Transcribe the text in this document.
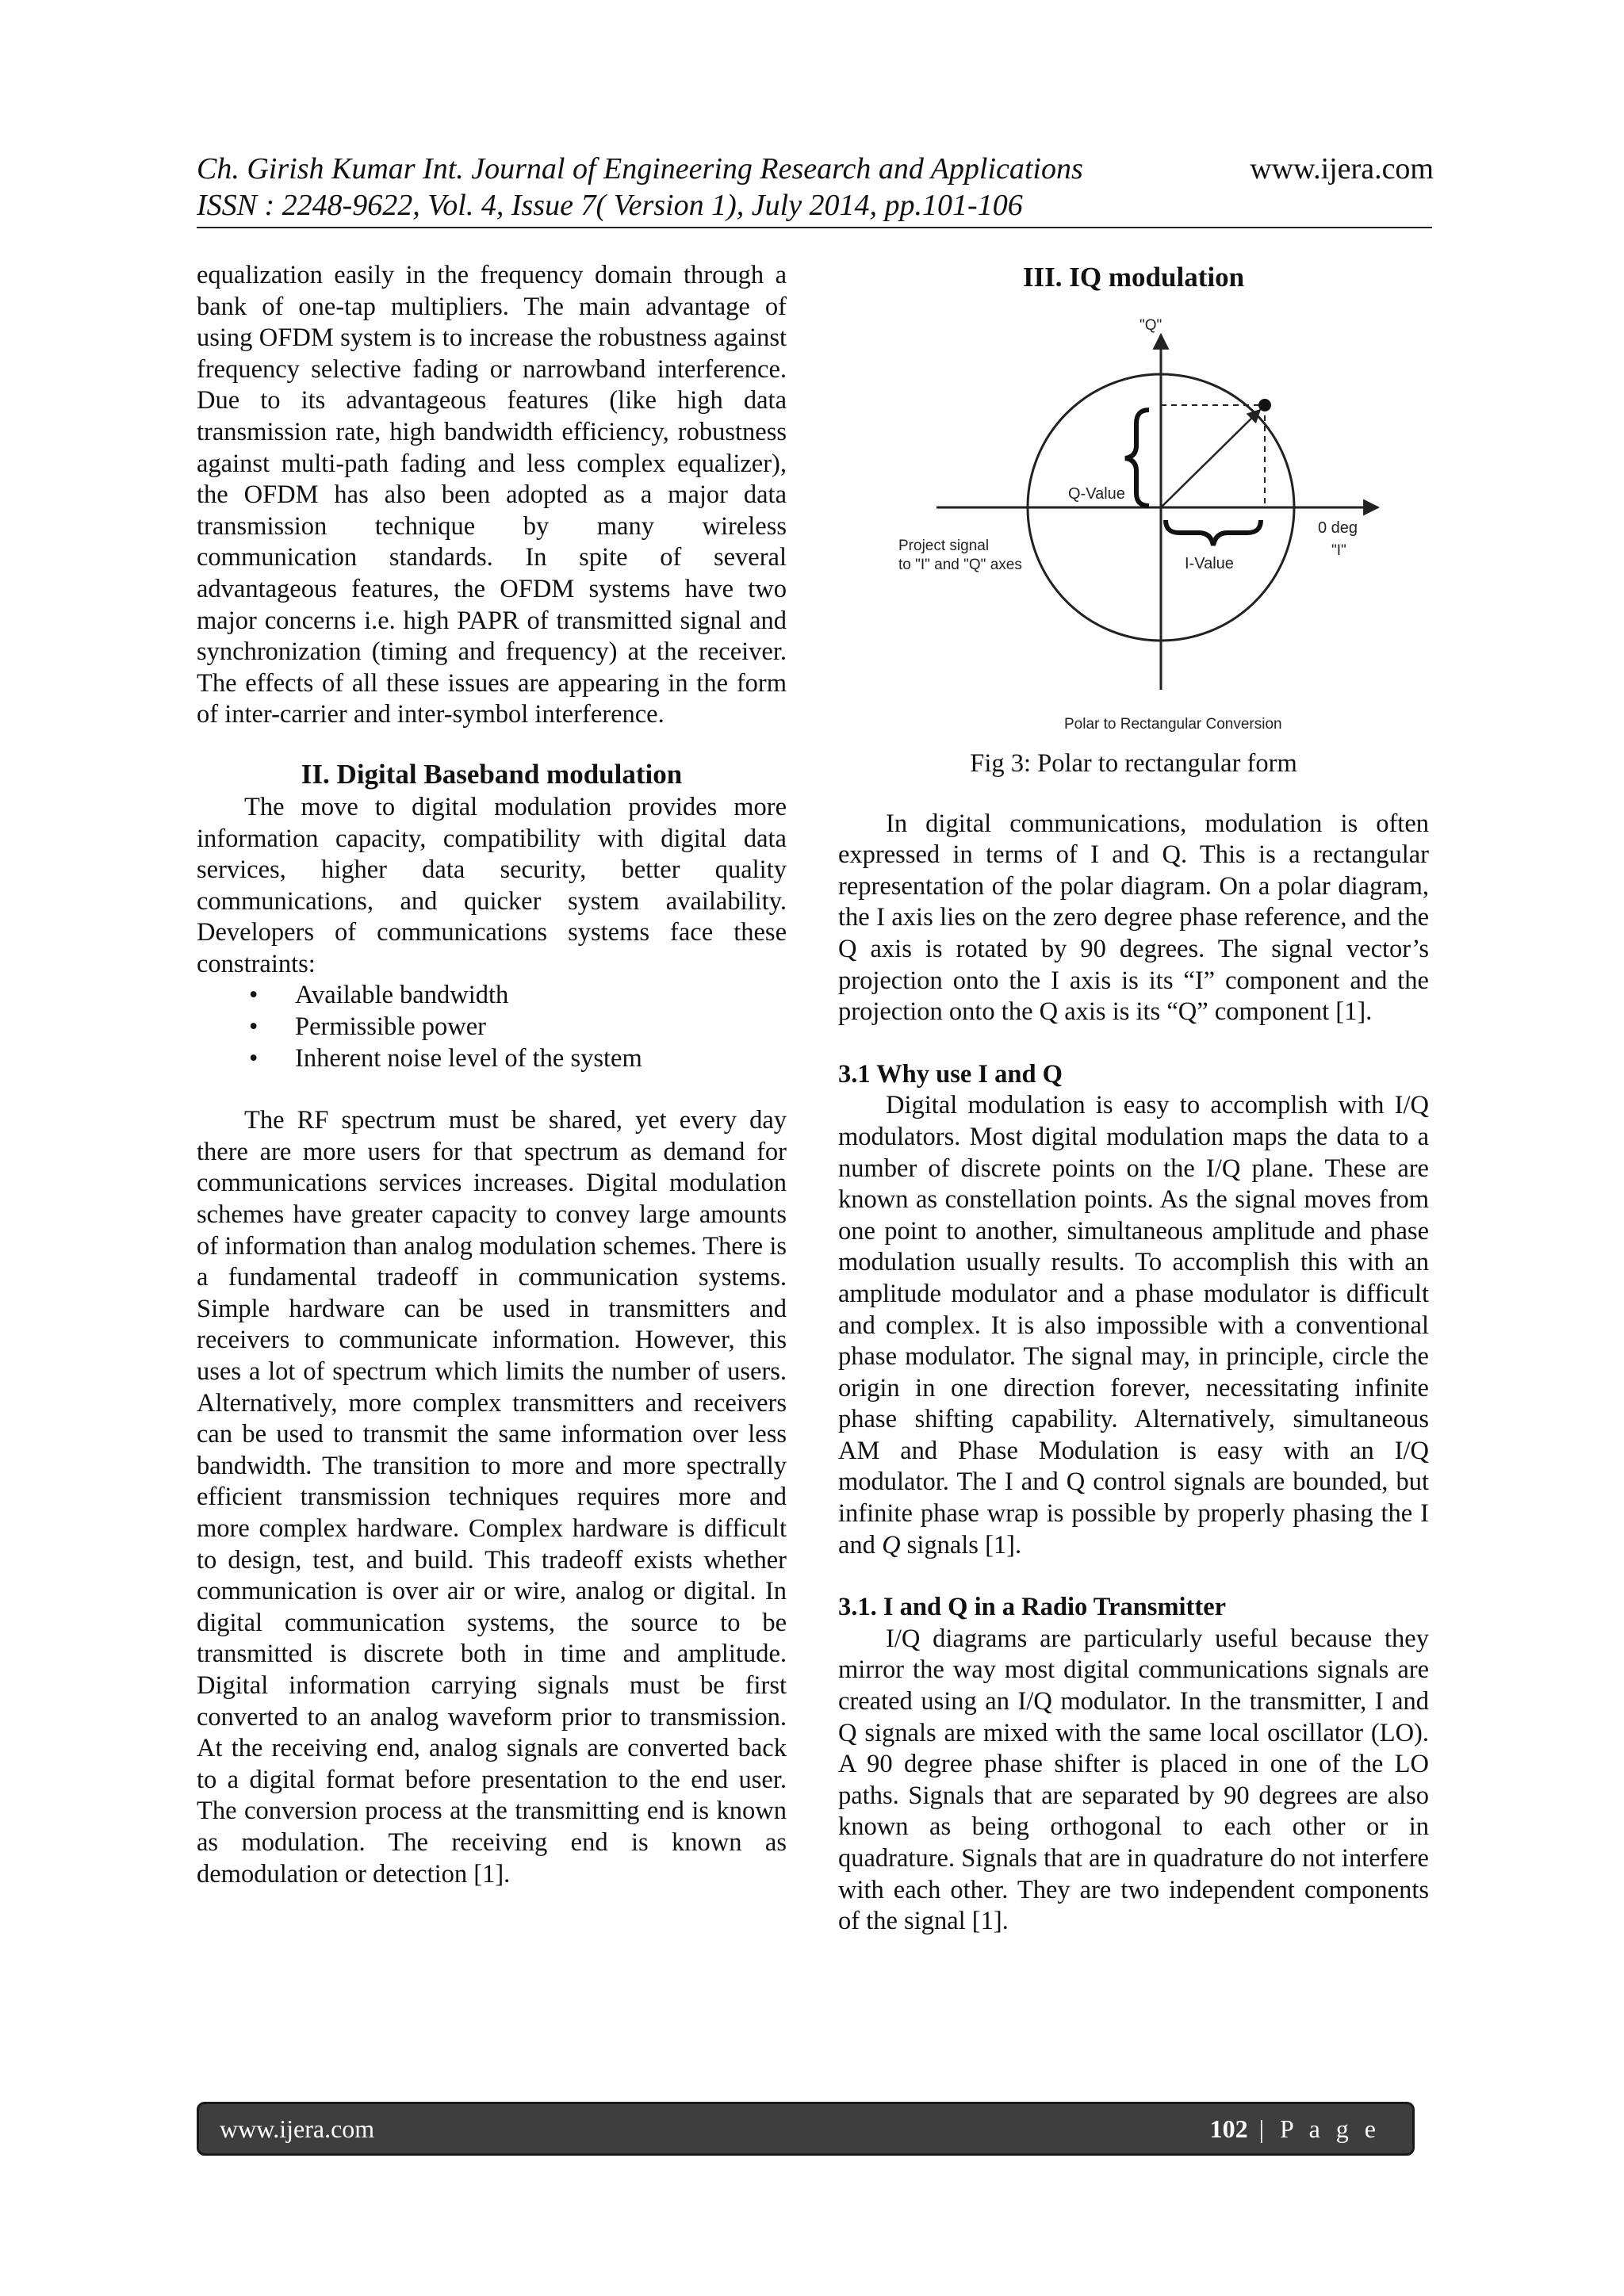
Ch. Girish Kumar Int. Journal of Engineering Research and Applications	www.ijera.com
ISSN : 2248-9622, Vol. 4, Issue 7( Version 1), July 2014, pp.101-106

equalization easily in the frequency domain through a bank of one-tap multipliers. The main advantage of using OFDM system is to increase the robustness against frequency selective fading or narrowband interference. Due to its advantageous features (like high data transmission rate, high bandwidth efficiency, robustness against multi-path fading and less complex equalizer), the OFDM has also been adopted as a major data transmission technique by many wireless communication standards. In spite of several advantageous features, the OFDM systems have two major concerns i.e. high PAPR of transmitted signal and synchronization (timing and frequency) at the receiver. The effects of all these issues are appearing in the form of inter-carrier and inter-symbol interference.

II. Digital Baseband modulation

The move to digital modulation provides more information capacity, compatibility with digital data services, higher data security, better quality communications, and quicker system availability. Developers of communications systems face these constraints:

• Available bandwidth
• Permissible power
• Inherent noise level of the system

The RF spectrum must be shared, yet every day there are more users for that spectrum as demand for communications services increases. Digital modulation schemes have greater capacity to convey large amounts of information than analog modulation schemes. There is a fundamental tradeoff in communication systems. Simple hardware can be used in transmitters and receivers to communicate information. However, this uses a lot of spectrum which limits the number of users. Alternatively, more complex transmitters and receivers can be used to transmit the same information over less bandwidth. The transition to more and more spectrally efficient transmission techniques requires more and more complex hardware. Complex hardware is difficult to design, test, and build. This tradeoff exists whether communication is over air or wire, analog or digital. In digital communication systems, the source to be transmitted is discrete both in time and amplitude. Digital information carrying signals must be first converted to an analog waveform prior to transmission. At the receiving end, analog signals are converted back to a digital format before presentation to the end user. The conversion process at the transmitting end is known as modulation. The receiving end is known as demodulation or detection [1].

III. IQ modulation

"Q"
Q-Value
0 deg
"I"
I-Value
Project signal
to "I" and "Q" axes
Polar to Rectangular Conversion

Fig 3: Polar to rectangular form

In digital communications, modulation is often expressed in terms of I and Q. This is a rectangular representation of the polar diagram. On a polar diagram, the I axis lies on the zero degree phase reference, and the Q axis is rotated by 90 degrees. The signal vector’s projection onto the I axis is its “I” component and the projection onto the Q axis is its “Q” component [1].

3.1 Why use I and Q

Digital modulation is easy to accomplish with I/Q modulators. Most digital modulation maps the data to a number of discrete points on the I/Q plane. These are known as constellation points. As the signal moves from one point to another, simultaneous amplitude and phase modulation usually results. To accomplish this with an amplitude modulator and a phase modulator is difficult and complex. It is also impossible with a conventional phase modulator. The signal may, in principle, circle the origin in one direction forever, necessitating infinite phase shifting capability. Alternatively, simultaneous AM and Phase Modulation is easy with an I/Q modulator. The I and Q control signals are bounded, but infinite phase wrap is possible by properly phasing the I and Q signals [1].

3.1. I and Q in a Radio Transmitter

I/Q diagrams are particularly useful because they mirror the way most digital communications signals are created using an I/Q modulator. In the transmitter, I and Q signals are mixed with the same local oscillator (LO). A 90 degree phase shifter is placed in one of the LO paths. Signals that are separated by 90 degrees are also known as being orthogonal to each other or in quadrature. Signals that are in quadrature do not interfere with each other. They are two independent components of the signal [1].

www.ijera.com	102 | P a g e
